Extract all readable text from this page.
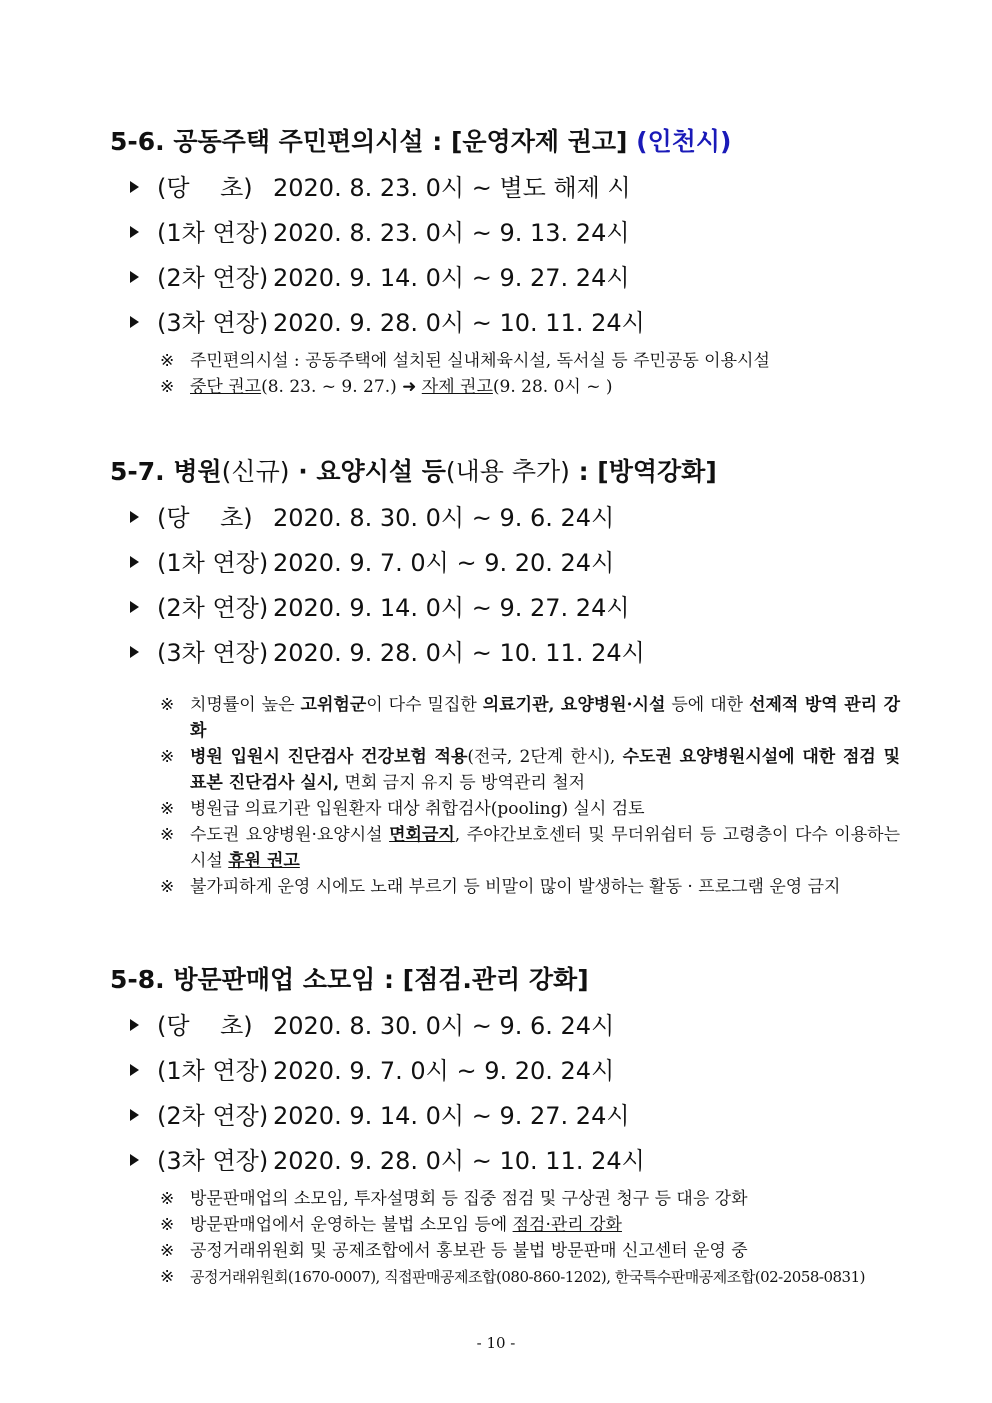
5-6. 공동주택 주민편의시설 : [운영자제 권고] (인천시)
(당    초) 2020. 8. 23. 0시 ~ 별도 해제 시
(1차 연장) 2020. 8. 23. 0시 ~ 9. 13. 24시
(2차 연장) 2020. 9. 14. 0시 ~ 9. 27. 24시
(3차 연장) 2020. 9. 28. 0시 ~ 10. 11. 24시
※ 주민편의시설 : 공동주택에 설치된 실내체육시설, 독서실 등 주민공동 이용시설
※ 중단 권고(8. 23. ~ 9. 27.) ➜ 자제 권고(9. 28. 0시 ~ )
5-7. 병원(신규) · 요양시설 등(내용 추가) : [방역강화]
(당    초) 2020. 8. 30. 0시 ~ 9. 6. 24시
(1차 연장) 2020. 9. 7. 0시 ~ 9. 20. 24시
(2차 연장) 2020. 9. 14. 0시 ~ 9. 27. 24시
(3차 연장) 2020. 9. 28. 0시 ~ 10. 11. 24시
※ 치명률이 높은 고위험군이 다수 밀집한 의료기관, 요양병원·시설 등에 대한 선제적 방역 관리 강화
※ 병원 입원시 진단검사 건강보험 적용(전국, 2단계 한시), 수도권 요양병원시설에 대한 점검 및 표본 진단검사 실시, 면회 금지 유지 등 방역관리 철저
※ 병원급 의료기관 입원환자 대상 취합검사(pooling) 실시 검토
※ 수도권 요양병원·요양시설 면회금지, 주야간보호센터 및 무더위쉼터 등 고령층이 다수 이용하는 시설 휴원 권고
※ 불가피하게 운영 시에도 노래 부르기 등 비말이 많이 발생하는 활동 · 프로그램 운영 금지
5-8. 방문판매업 소모임 : [점검.관리 강화]
(당    초) 2020. 8. 30. 0시 ~ 9. 6. 24시
(1차 연장) 2020. 9. 7. 0시 ~ 9. 20. 24시
(2차 연장) 2020. 9. 14. 0시 ~ 9. 27. 24시
(3차 연장) 2020. 9. 28. 0시 ~ 10. 11. 24시
※ 방문판매업의 소모임, 투자설명회 등 집중 점검 및 구상권 청구 등 대응 강화
※ 방문판매업에서 운영하는 불법 소모임 등에 점검·관리 강화
※ 공정거래위원회 및 공제조합에서 홍보관 등 불법 방문판매 신고센터 운영 중
※ 공정거래위원회(1670-0007), 직접판매공제조합(080-860-1202), 한국특수판매공제조합(02-2058-0831)
- 10 -
